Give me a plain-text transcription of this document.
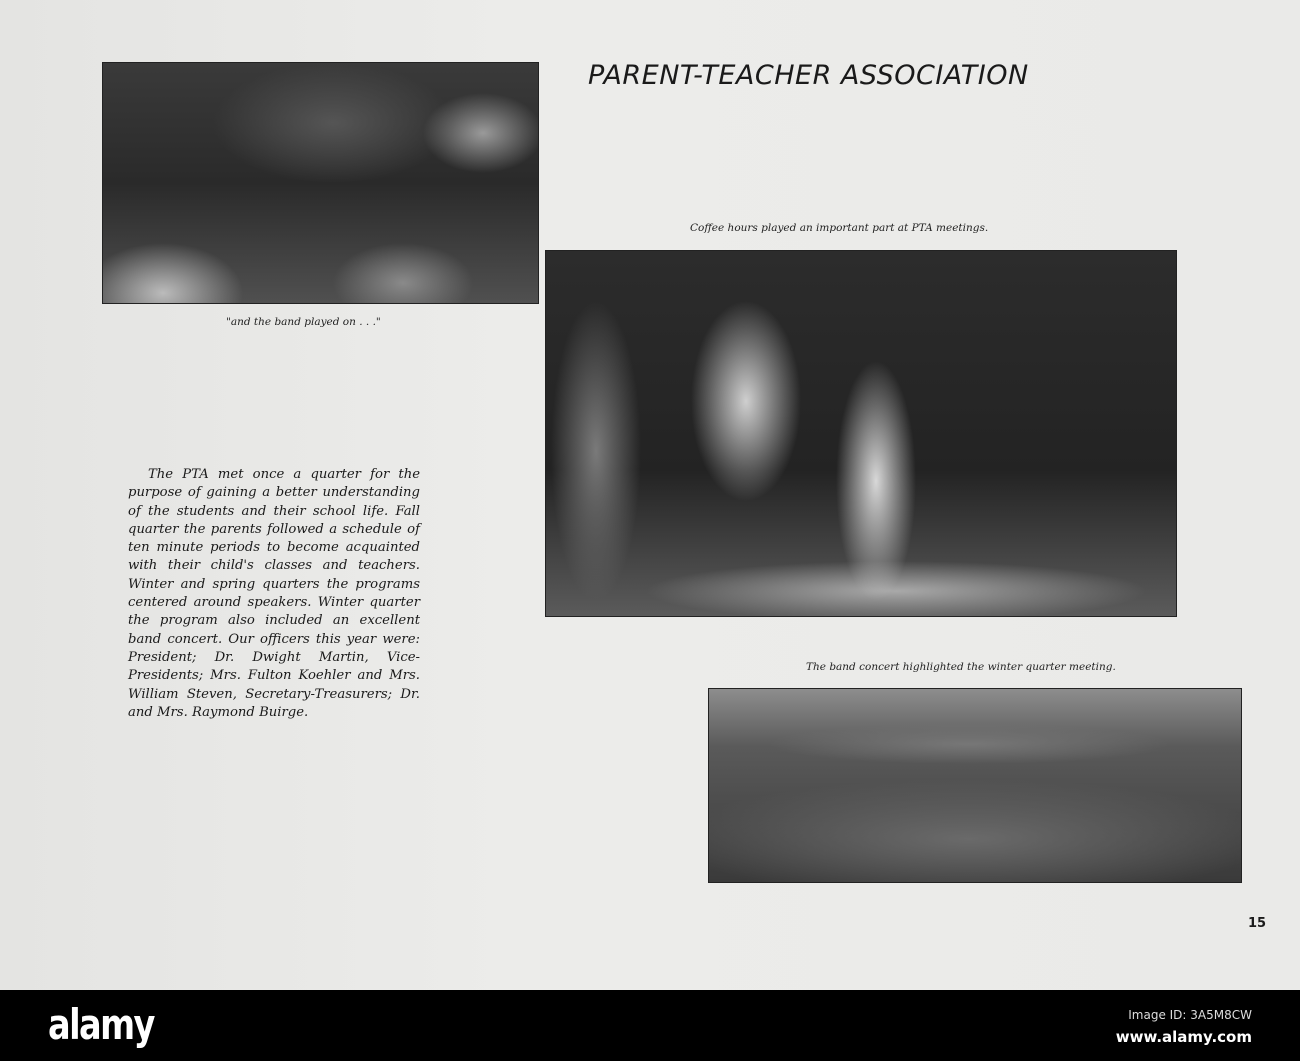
PARENT-TEACHER ASSOCIATION
Coffee hours played an important part at PTA meetings.
"and the band played on . . ."
The PTA met once a quarter for the purpose of gaining a better understanding of the students and their school life. Fall quarter the parents followed a schedule of ten minute periods to become acquainted with their child's classes and teachers. Winter and spring quarters the programs centered around speakers. Winter quarter the program also included an excellent band concert. Our officers this year were: President; Dr. Dwight Martin, Vice-Presidents; Mrs. Fulton Koehler and Mrs. William Steven, Secretary-Treasurers; Dr. and Mrs. Raymond Buirge.
The band concert highlighted the winter quarter meeting.
15
alamy	Image ID: 3A5M8CW
www.alamy.com
